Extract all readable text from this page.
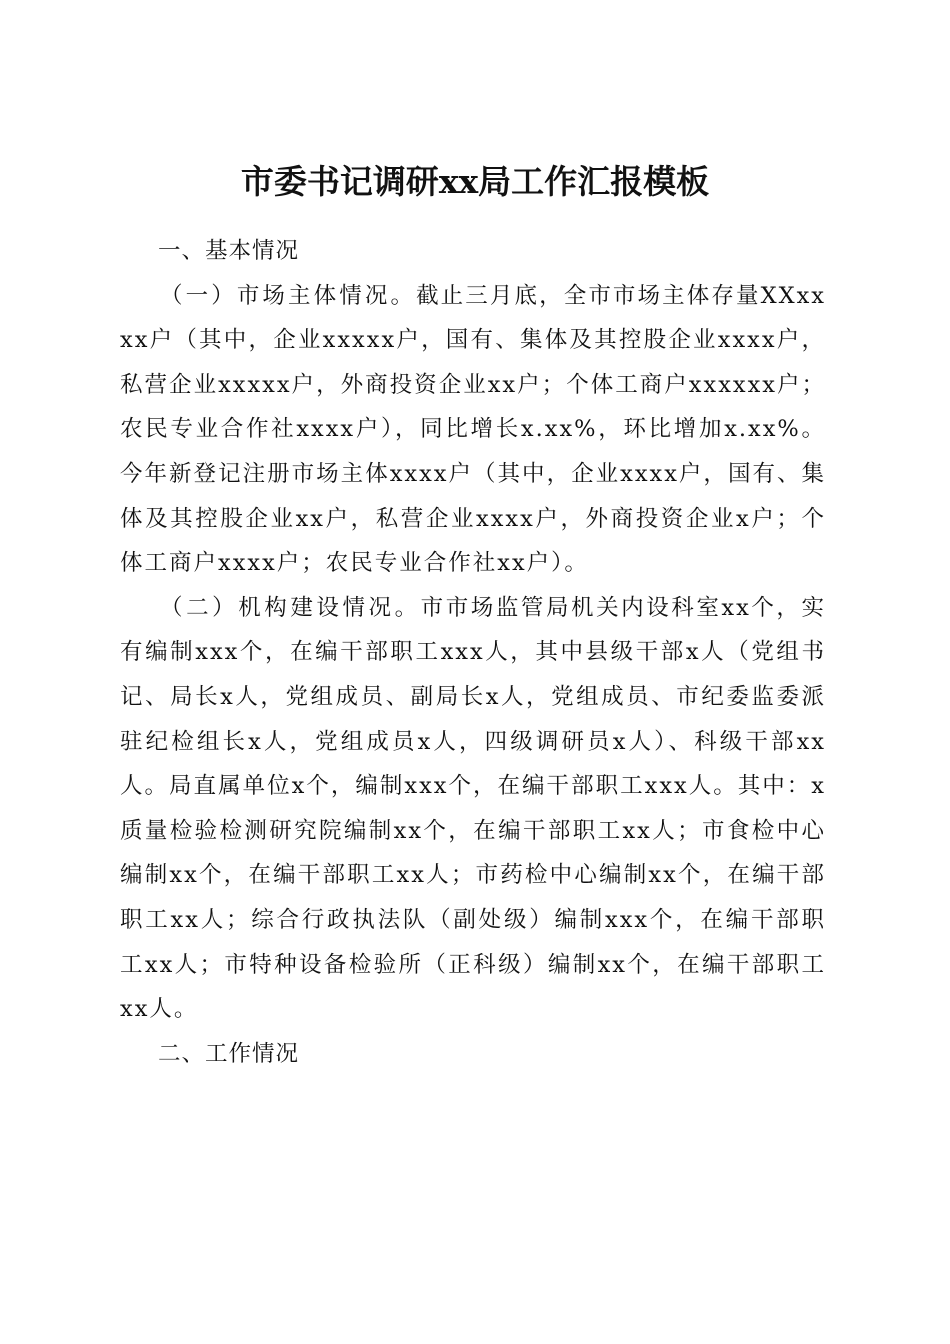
市委书记调研xx局工作汇报模板
一、基本情况

（一）市场主体情况。截止三月底，全市市场主体存量XXxxxx户（其中，企业xxxxx户，国有、集体及其控股企业xxxx户，私营企业xxxxx户，外商投资企业xx户；个体工商户xxxxxx户；农民专业合作社xxxx户），同比增长x.xx%，环比增加x.xx%。今年新登记注册市场主体xxxx户（其中，企业xxxx户，国有、集体及其控股企业xx户，私营企业xxxx户，外商投资企业x户；个体工商户xxxx户；农民专业合作社xx户）。

（二）机构建设情况。市市场监管局机关内设科室xx个，实有编制xxx个，在编干部职工xxx人，其中县级干部x人（党组书记、局长x人，党组成员、副局长x人，党组成员、市纪委监委派驻纪检组长x人，党组成员x人，四级调研员x人）、科级干部xx人。局直属单位x个，编制xxx个，在编干部职工xxx人。其中：x质量检验检测研究院编制xx个，在编干部职工xx人；市食检中心编制xx个，在编干部职工xx人；市药检中心编制xx个，在编干部职工xx人；综合行政执法队（副处级）编制xxx个，在编干部职工xx人；市特种设备检验所（正科级）编制xx个，在编干部职工xx人。

二、工作情况
